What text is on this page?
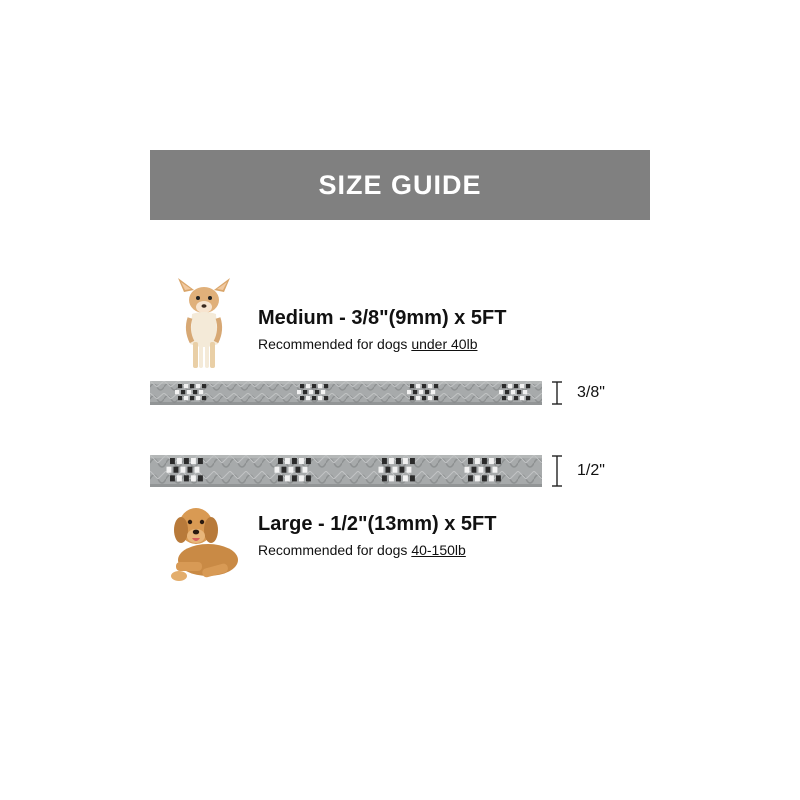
SIZE GUIDE
Medium - 3/8"(9mm) x 5FT
Recommended for dogs under 40lb
3/8"
1/2"
Large - 1/2"(13mm) x 5FT
Recommended for dogs 40-150lb
